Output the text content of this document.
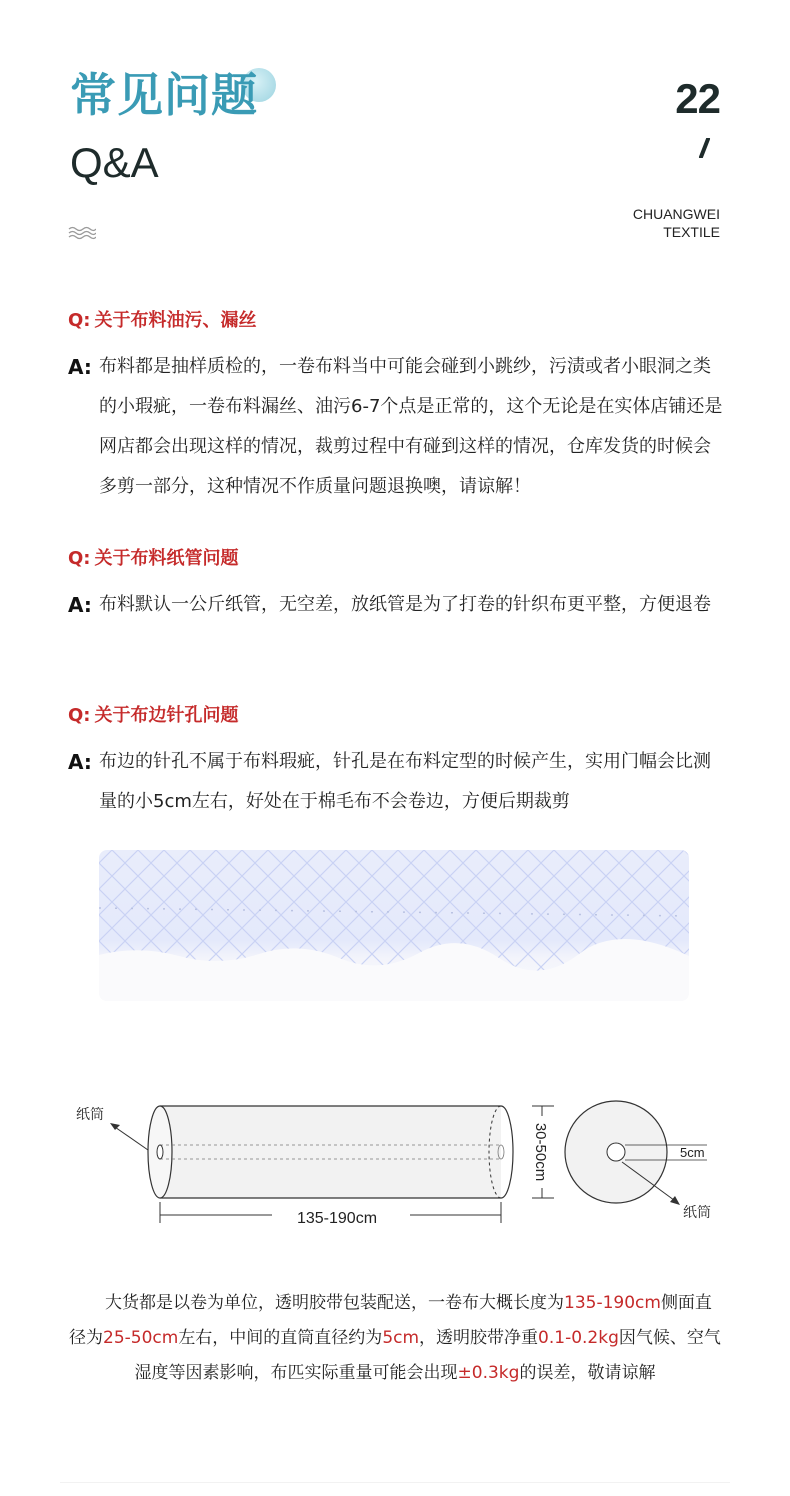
常见问题
Q&A
22
CHUANGWEI
TEXTILE
Q: 关于布料油污、漏丝
A: 布料都是抽样质检的，一卷布料当中可能会碰到小跳纱，污渍或者小眼洞之类的小瑕疵，一卷布料漏丝、油污6-7个点是正常的，这个无论是在实体店铺还是网店都会出现这样的情况，裁剪过程中有碰到这样的情况，仓库发货的时候会多剪一部分，这种情况不作质量问题退换噢，请谅解！
Q: 关于布料纸管问题
A: 布料默认一公斤纸管，无空差，放纸管是为了打卷的针织布更平整，方便退卷
Q: 关于布边针孔问题
A: 布边的针孔不属于布料瑕疵，针孔是在布料定型的时候产生，实用门幅会比测量的小5cm左右，好处在于棉毛布不会卷边，方便后期裁剪
纸筒
135-190cm
30-50cm	5cm
纸筒
大货都是以卷为单位，透明胶带包装配送，一卷布大概长度为135-190cm侧面直
径为25-50cm左右，中间的直筒直径约为5cm，透明胶带净重0.1-0.2kg因气候、空气
湿度等因素影响，布匹实际重量可能会出现±0.3kg的误差，敬请谅解
